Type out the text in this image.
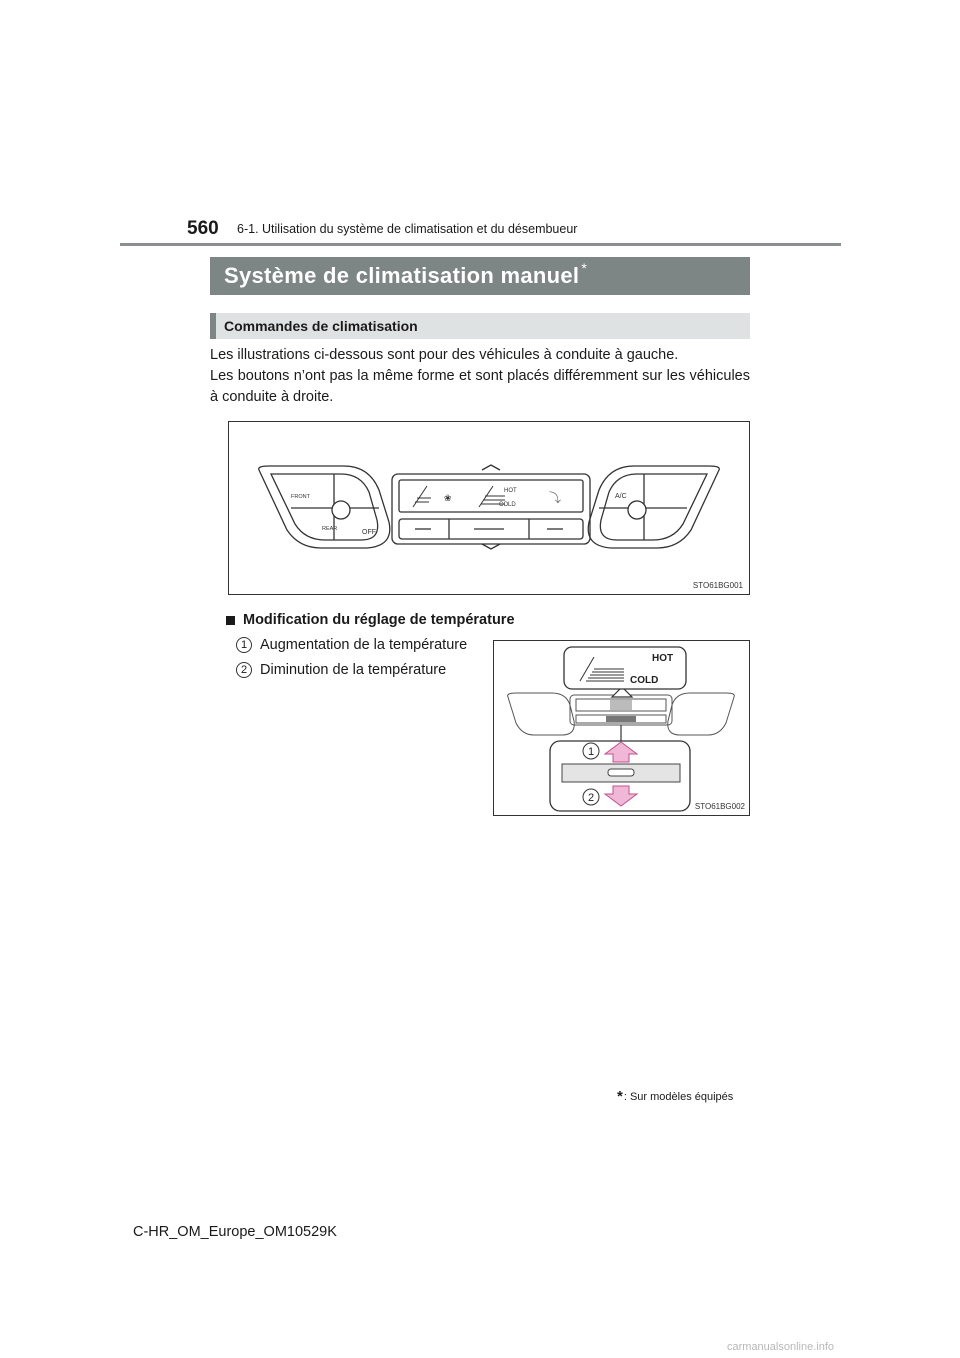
560 6-1. Utilisation du système de climatisation et du désembueur
Système de climatisation manuel *
Commandes de climatisation

Les illustrations ci-dessous sont pour des véhicules à conduite à gauche.

Les boutons n’ont pas la même forme et sont placés différemment sur les véhicules à conduite à droite.

HOT
COLD
❀	⤵
FRONT
REAR	OFF
A/C
STO61BG001
Modification du réglage de température
1 Augmentation de la température
2 Diminution de la température
HOT
COLD
1
2
STO61BG002
* : Sur modèles équipés
C-HR_OM_Europe_OM10529K
carmanualsonline.info
